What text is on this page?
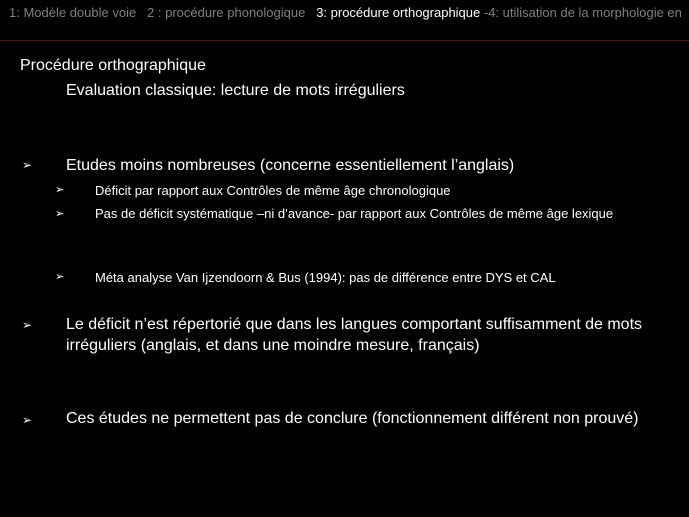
1: Modèle double voie 2 : procédure phonologique 3: procédure orthographique -4: utilisation de la morphologie en
Procédure orthographique
Evaluation classique: lecture de mots irréguliers
➢ Etudes moins nombreuses (concerne essentiellement l’anglais)
➢ Déficit par rapport aux Contrôles de même âge chronologique
➢ Pas de déficit systématique –ni d’avance- par rapport aux Contrôles de même âge lexique
➢ Méta analyse Van Ijzendoorn & Bus (1994): pas de différence entre DYS et CAL
➢ Le déficit n’est répertorié que dans les langues comportant suffisamment de mots irréguliers (anglais, et dans une moindre mesure, français)
➢ Ces études ne permettent pas de conclure (fonctionnement différent non prouvé)
